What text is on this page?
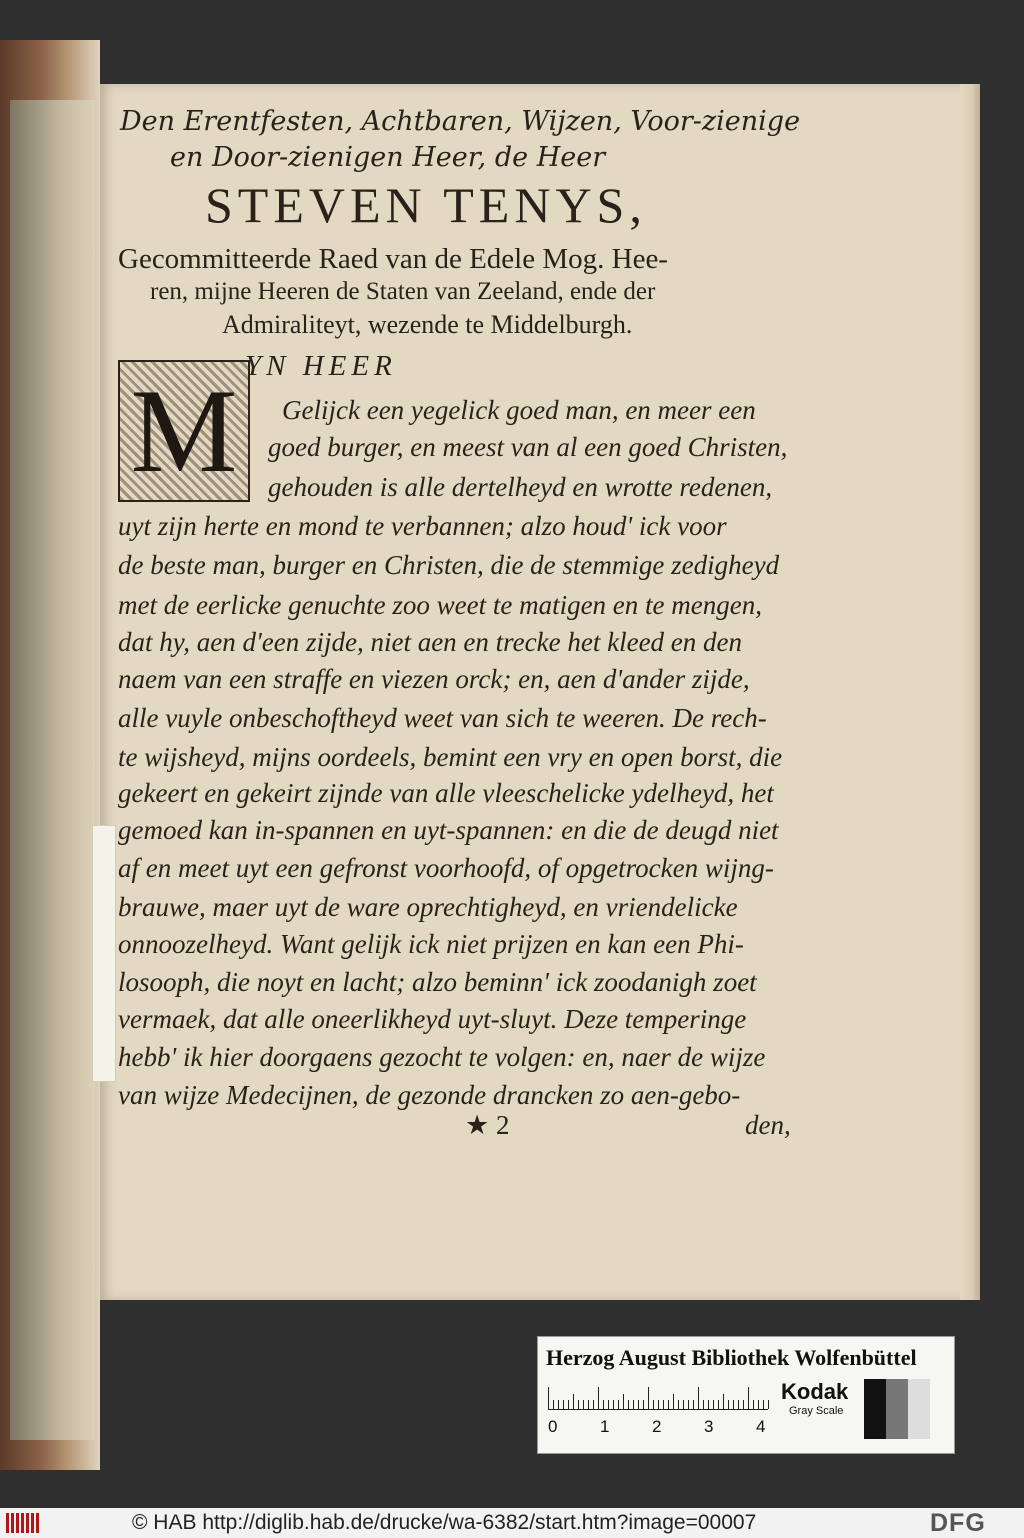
Den Erentfesten, Achtbaren, Wijzen, Voor-zienige
en Door-zienigen Heer, de Heer
STEVEN TENYS,
Gecommitteerde Raed van de Edele Mog. Hee-
ren, mijne Heeren de Staten van Zeeland, ende der
Admiraliteyt, wezende te Middelburgh.
M YN HEER
Gelijck een yegelick goed man, en meer een
goed burger, en meest van al een goed Christen,
gehouden is alle dertelheyd en wrotte redenen,
uyt zijn herte en mond te verbannen; alzo houd' ick voor
de beste man, burger en Christen, die de stemmige zedigheyd
met de eerlicke genuchte zoo weet te matigen en te mengen,
dat hy, aen d'een zijde, niet aen en trecke het kleed en den
naem van een straffe en viezen orck; en, aen d'ander zijde,
alle vuyle onbeschoftheyd weet van sich te weeren. De rech-
te wijsheyd, mijns oordeels, bemint een vry en open borst, die
gekeert en gekeirt zijnde van alle vleeschelicke ydelheyd, het
gemoed kan in-spannen en uyt-spannen: en die de deugd niet
af en meet uyt een gefronst voorhoofd, of opgetrocken wijng-
brauwe, maer uyt de ware oprechtigheyd, en vriendelicke
onnoozelheyd. Want gelijk ick niet prijzen en kan een Phi-
losooph, die noyt en lacht; alzo beminn' ick zoodanigh zoet
vermaek, dat alle oneerlikheyd uyt-sluyt. Deze temperinge
hebb' ik hier doorgaens gezocht te volgen: en, naer de wijze
van wijze Medecijnen, de gezonde drancken zo aen-gebo-
★ 2	den,
Herzog August Bibliothek Wolfenbüttel
0	1	2	3	4
Kodak
Gray Scale
© HAB http://diglib.hab.de/drucke/wa-6382/start.htm?image=00007	DFG
